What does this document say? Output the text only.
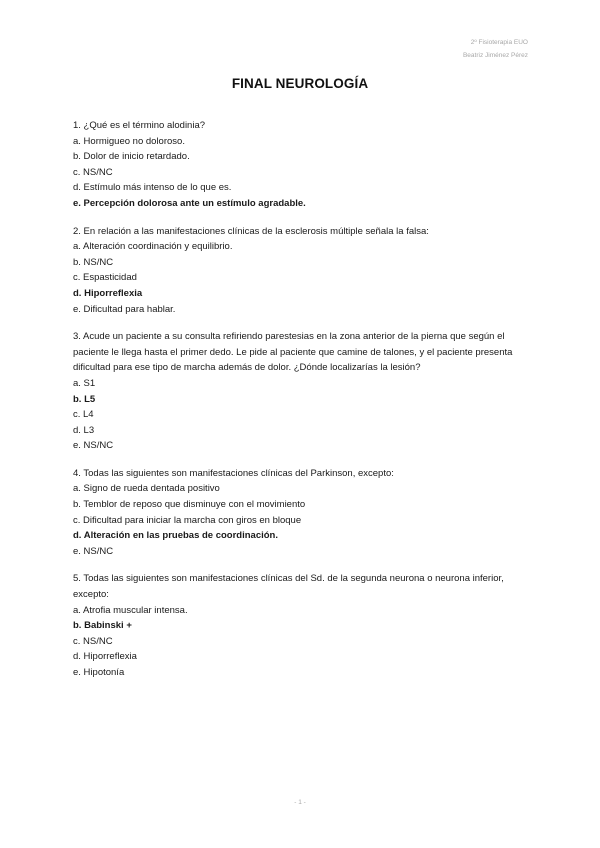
2º Fisioterapia EUO
Beatriz Jiménez Pérez
FINAL NEUROLOGÍA
1. ¿Qué es el término alodinia?
a. Hormigueo no doloroso.
b. Dolor de inicio retardado.
c. NS/NC
d. Estímulo más intenso de lo que es.
e. Percepción dolorosa ante un estímulo agradable.
2. En relación a las manifestaciones clínicas de la esclerosis múltiple señala la falsa:
a. Alteración coordinación y equilibrio.
b. NS/NC
c. Espasticidad
d. Hiporreflexia
e. Dificultad para hablar.
3. Acude un paciente a su consulta refiriendo parestesias en la zona anterior de la pierna que según el paciente le llega hasta el primer dedo. Le pide al paciente que camine de talones, y el paciente presenta dificultad para ese tipo de marcha además de dolor. ¿Dónde localizarías la lesión?
a. S1
b. L5
c. L4
d. L3
e. NS/NC
4. Todas las siguientes son manifestaciones clínicas del Parkinson, excepto:
a. Signo de rueda dentada positivo
b. Temblor de reposo que disminuye con el movimiento
c. Dificultad para iniciar la marcha con giros en bloque
d. Alteración en las pruebas de coordinación.
e. NS/NC
5. Todas las siguientes son manifestaciones clínicas del Sd. de la segunda neurona o neurona inferior, excepto:
a. Atrofia muscular intensa.
b. Babinski +
c. NS/NC
d. Hiporreflexia
e. Hipotonía
- 1 -
